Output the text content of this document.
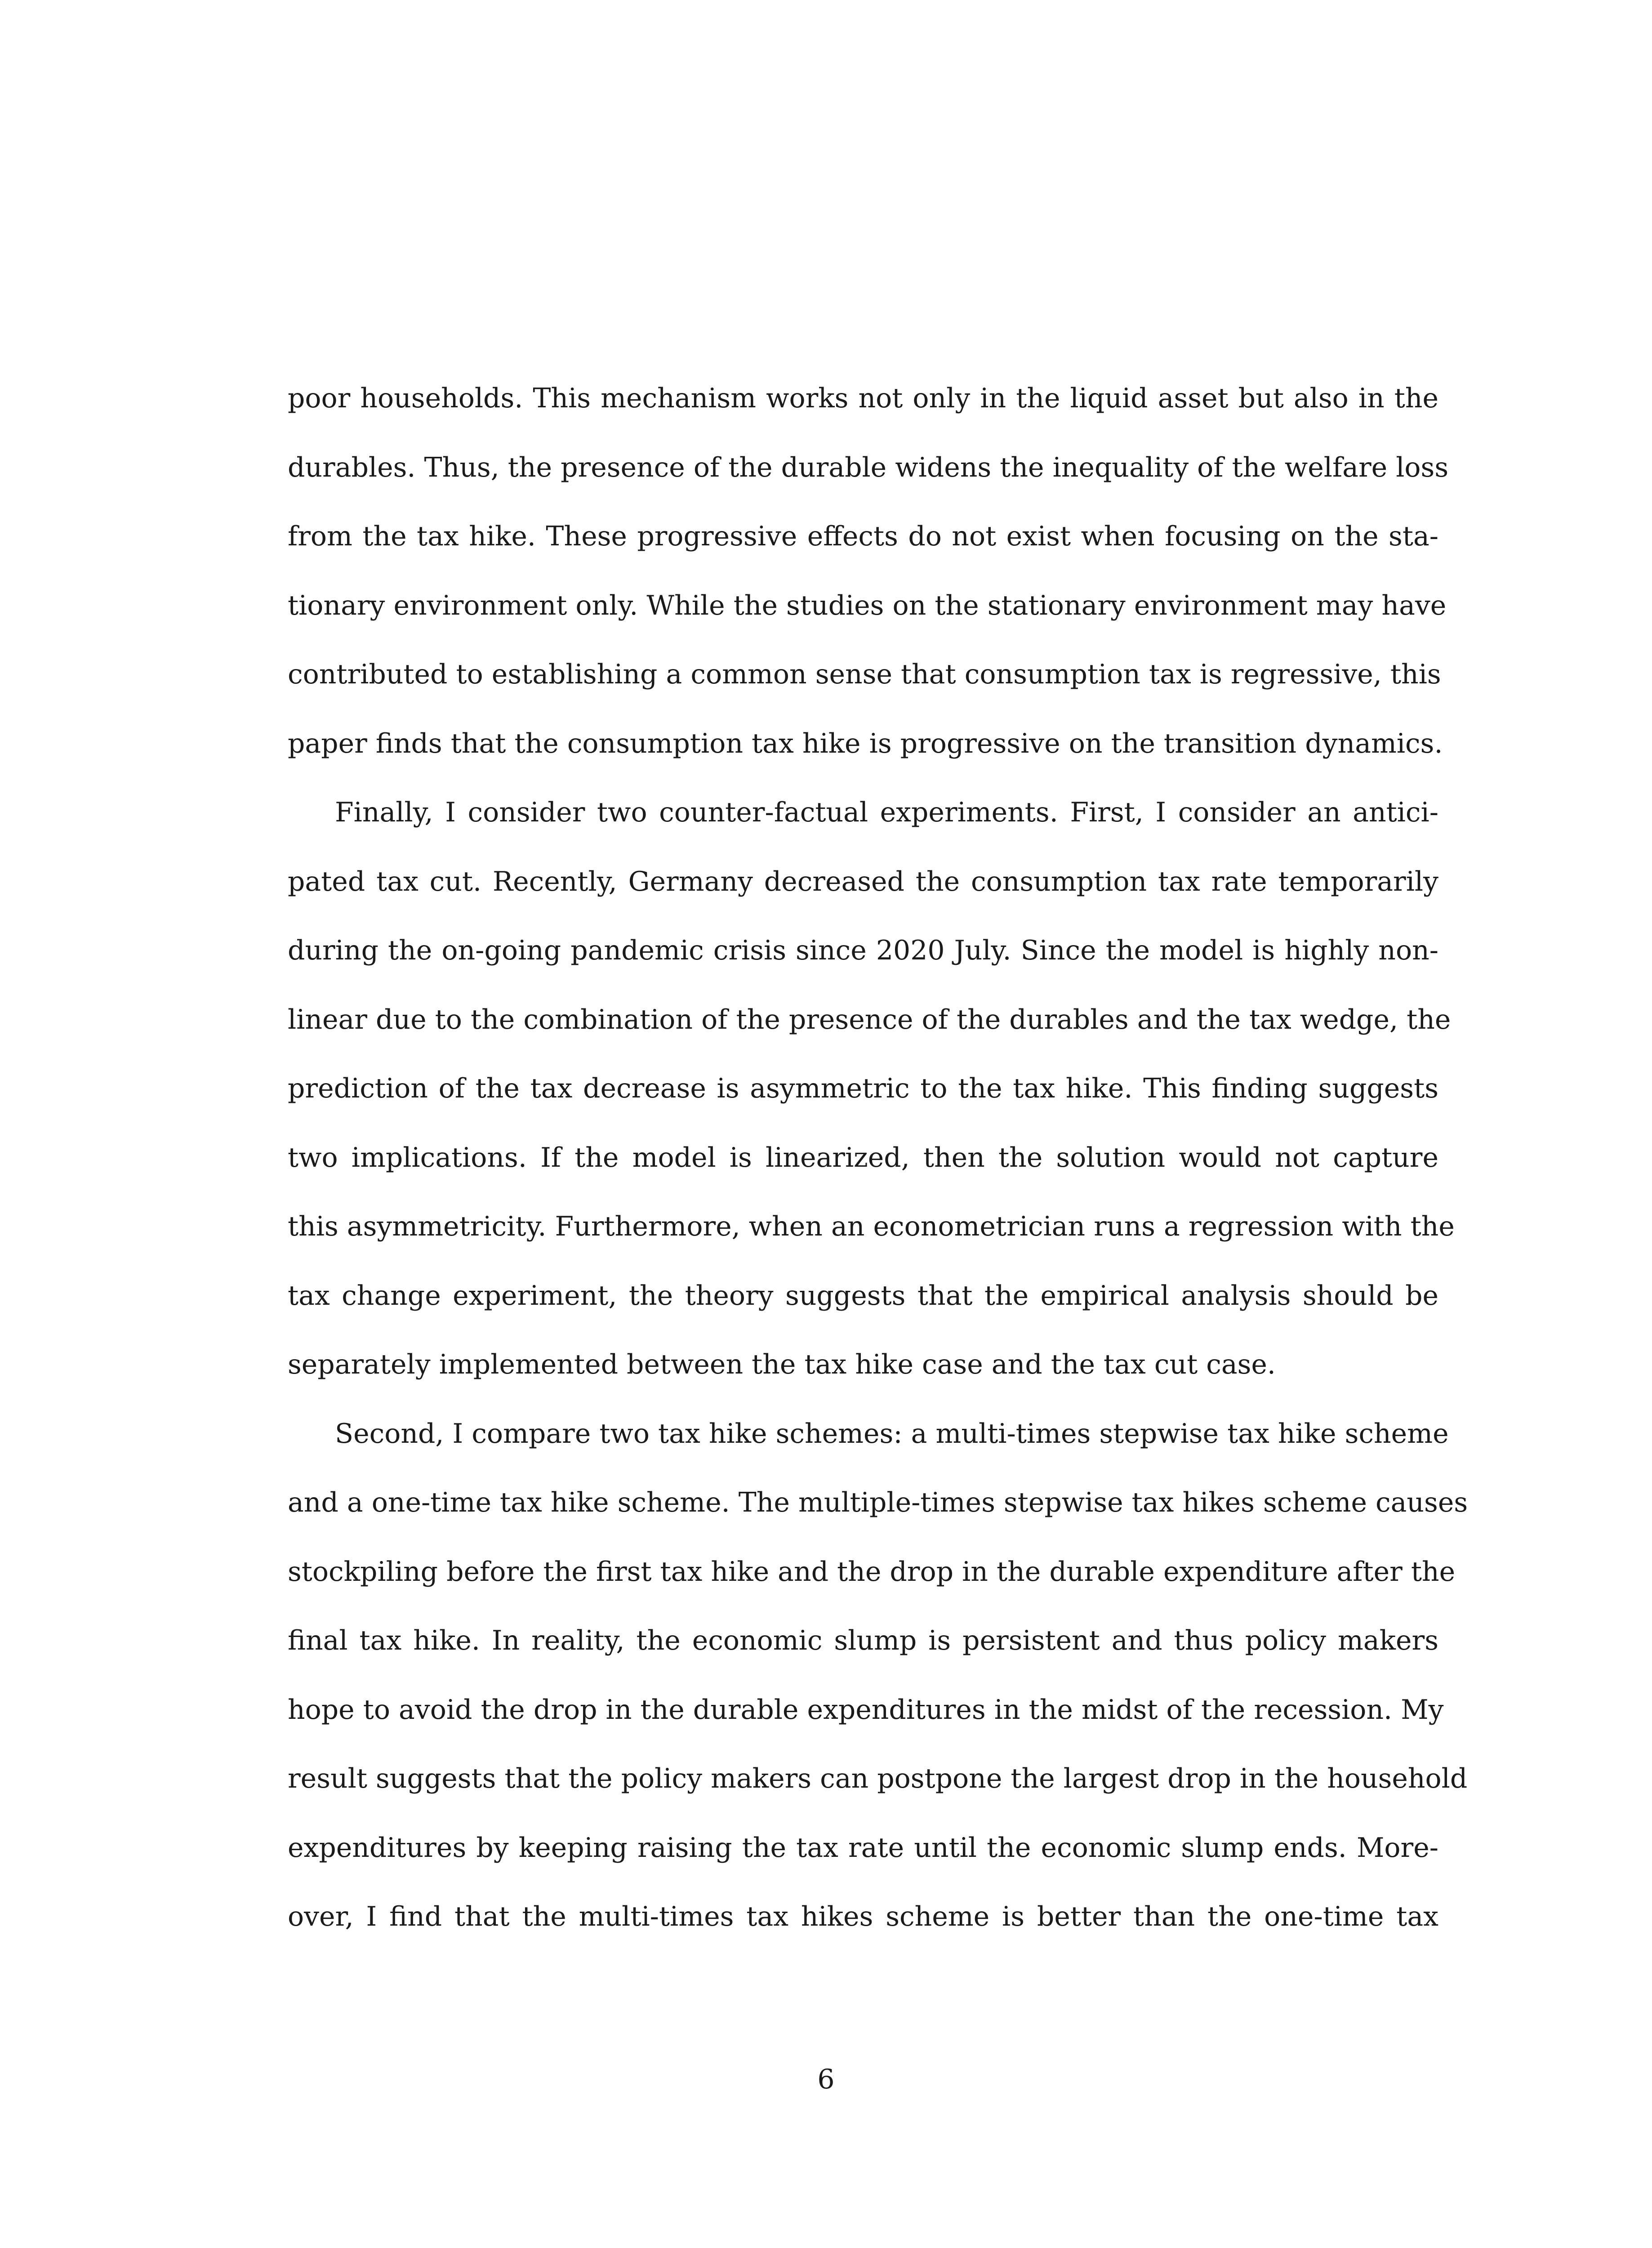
poor households. This mechanism works not only in the liquid asset but also in the
durables. Thus, the presence of the durable widens the inequality of the welfare loss
from the tax hike. These progressive effects do not exist when focusing on the sta-
tionary environment only. While the studies on the stationary environment may have
contributed to establishing a common sense that consumption tax is regressive, this
paper finds that the consumption tax hike is progressive on the transition dynamics.
Finally, I consider two counter-factual experiments. First, I consider an antici-
pated tax cut. Recently, Germany decreased the consumption tax rate temporarily
during the on-going pandemic crisis since 2020 July. Since the model is highly non-
linear due to the combination of the presence of the durables and the tax wedge, the
prediction of the tax decrease is asymmetric to the tax hike. This finding suggests
two implications. If the model is linearized, then the solution would not capture
this asymmetricity. Furthermore, when an econometrician runs a regression with the
tax change experiment, the theory suggests that the empirical analysis should be
separately implemented between the tax hike case and the tax cut case.
Second, I compare two tax hike schemes: a multi-times stepwise tax hike scheme
and a one-time tax hike scheme. The multiple-times stepwise tax hikes scheme causes
stockpiling before the first tax hike and the drop in the durable expenditure after the
final tax hike. In reality, the economic slump is persistent and thus policy makers
hope to avoid the drop in the durable expenditures in the midst of the recession. My
result suggests that the policy makers can postpone the largest drop in the household
expenditures by keeping raising the tax rate until the economic slump ends. More-
over, I find that the multi-times tax hikes scheme is better than the one-time tax
6
